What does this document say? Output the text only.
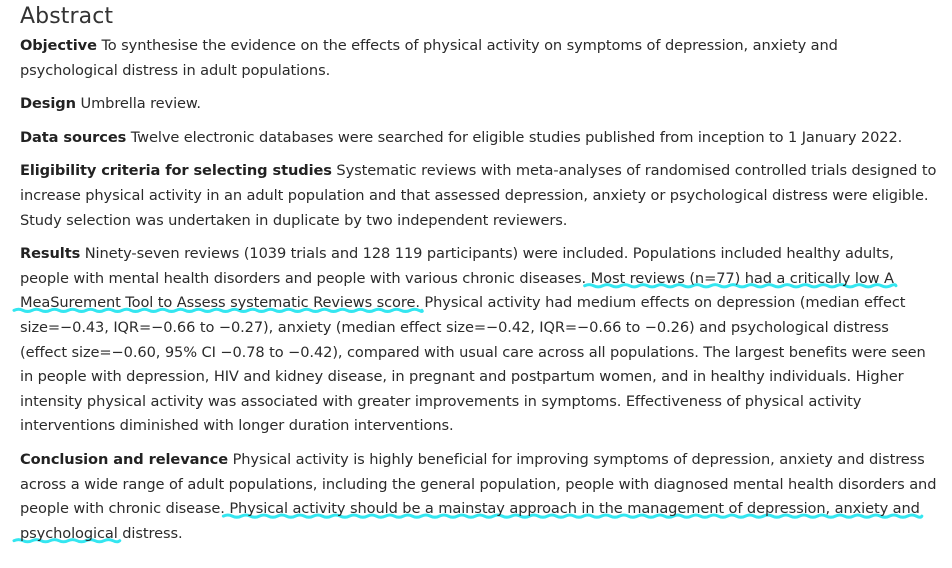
Abstract

Objective To synthesise the evidence on the effects of physical activity on symptoms of depression, anxiety and psychological distress in adult populations.

Design Umbrella review.

Data sources Twelve electronic databases were searched for eligible studies published from inception to 1 January 2022.

Eligibility criteria for selecting studies Systematic reviews with meta-analyses of randomised controlled trials designed to increase physical activity in an adult population and that assessed depression, anxiety or psychological distress were eligible. Study selection was undertaken in duplicate by two independent reviewers.

Results Ninety-seven reviews (1039 trials and 128 119 participants) were included. Populations included healthy adults, people with mental health disorders and people with various chronic diseases. Most reviews (n=77) had a critically low A MeaSurement Tool to Assess systematic Reviews score. Physical activity had medium effects on depression (median effect size=−0.43, IQR=−0.66 to −0.27), anxiety (median effect size=−0.42, IQR=−0.66 to −0.26) and psychological distress (effect size=−0.60, 95% CI −0.78 to −0.42), compared with usual care across all populations. The largest benefits were seen in people with depression, HIV and kidney disease, in pregnant and postpartum women, and in healthy individuals. Higher intensity physical activity was associated with greater improvements in symptoms. Effectiveness of physical activity interventions diminished with longer duration interventions.

Conclusion and relevance Physical activity is highly beneficial for improving symptoms of depression, anxiety and distress across a wide range of adult populations, including the general population, people with diagnosed mental health disorders and people with chronic disease. Physical activity should be a mainstay approach in the management of depression, anxiety and psychological distress.
